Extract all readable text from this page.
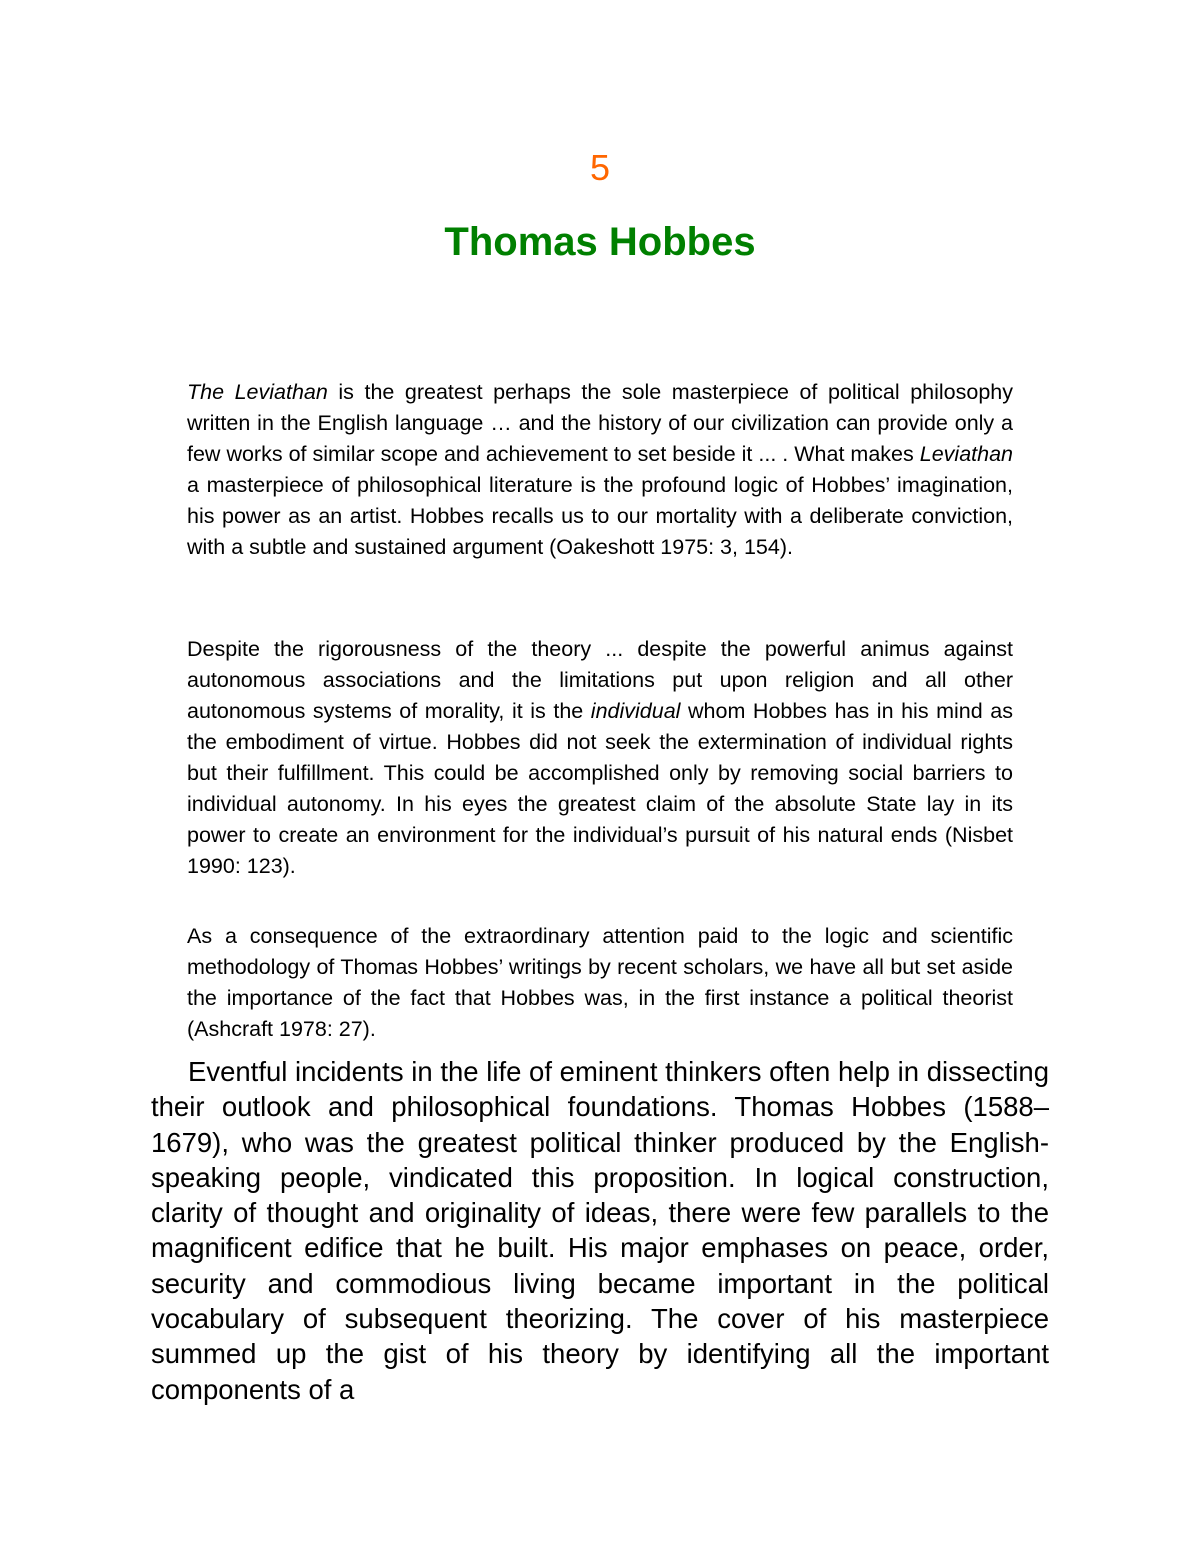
5
Thomas Hobbes

The Leviathan is the greatest perhaps the sole masterpiece of political philosophy written in the English language … and the history of our civilization can provide only a few works of similar scope and achievement to set beside it ... . What makes Leviathan a masterpiece of philosophical literature is the profound logic of Hobbes’ imagination, his power as an artist. Hobbes recalls us to our mortality with a deliberate conviction, with a subtle and sustained argument (Oakeshott 1975: 3, 154).

Despite the rigorousness of the theory ... despite the powerful animus against autonomous associations and the limitations put upon religion and all other autonomous systems of morality, it is the individual whom Hobbes has in his mind as the embodiment of virtue. Hobbes did not seek the extermination of individual rights but their fulfillment. This could be accomplished only by removing social barriers to individual autonomy. In his eyes the greatest claim of the absolute State lay in its power to create an environment for the individual’s pursuit of his natural ends (Nisbet 1990: 123).

As a consequence of the extraordinary attention paid to the logic and scientific methodology of Thomas Hobbes’ writings by recent scholars, we have all but set aside the importance of the fact that Hobbes was, in the first instance a political theorist (Ashcraft 1978: 27).

Eventful incidents in the life of eminent thinkers often help in dissecting their outlook and philosophical foundations. Thomas Hobbes (1588–1679), who was the greatest political thinker produced by the English-speaking people, vindicated this proposition. In logical construction, clarity of thought and originality of ideas, there were few parallels to the magnificent edifice that he built. His major emphases on peace, order, security and commodious living became important in the political vocabulary of subsequent theorizing. The cover of his masterpiece summed up the gist of his theory by identifying all the important components of a
